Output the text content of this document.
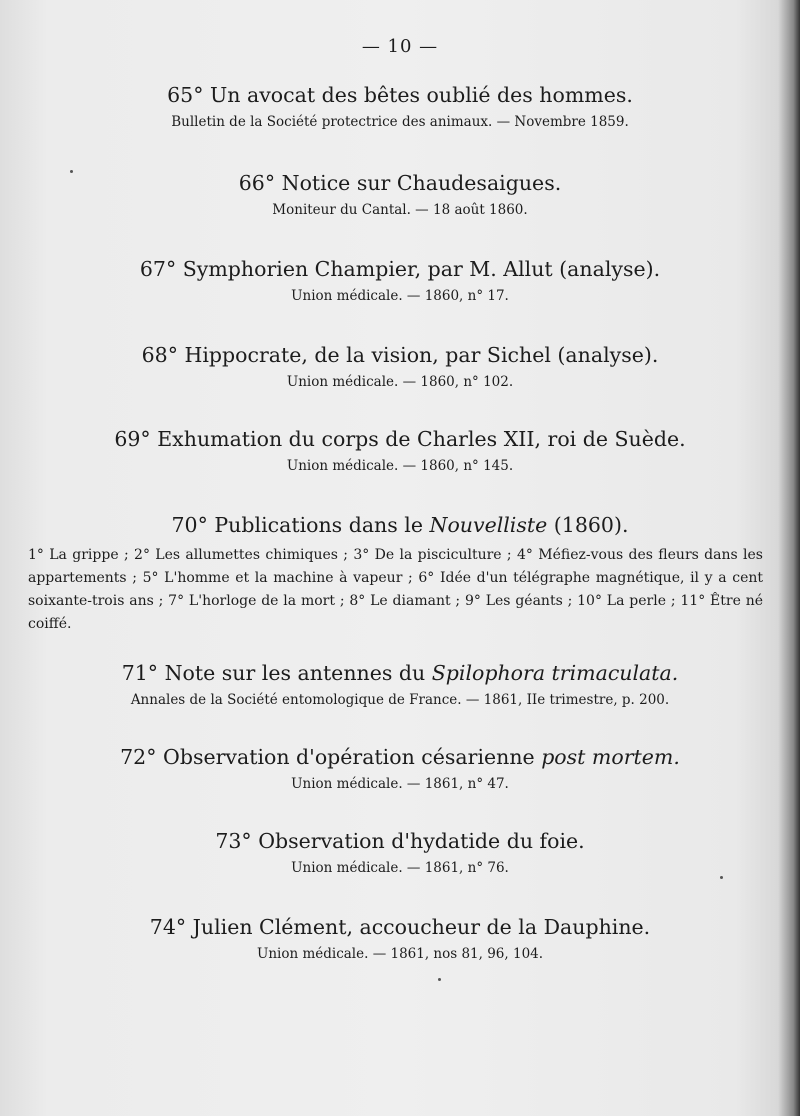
— 10 —
65° Un avocat des bêtes oublié des hommes.
Bulletin de la Société protectrice des animaux. — Novembre 1859.
66° Notice sur Chaudesaigues.
Moniteur du Cantal. — 18 août 1860.
67° Symphorien Champier, par M. Allut (analyse).
Union médicale. — 1860, n° 17.
68° Hippocrate, de la vision, par Sichel (analyse).
Union médicale. — 1860, n° 102.
69° Exhumation du corps de Charles XII, roi de Suède.
Union médicale. — 1860, n° 145.
70° Publications dans le Nouvelliste (1860).
1° La grippe ; 2° Les allumettes chimiques ; 3° De la pisciculture ; 4° Méfiez-vous des fleurs dans les appartements ; 5° L'homme et la machine à vapeur ; 6° Idée d'un télégraphe magnétique, il y a cent soixante-trois ans ; 7° L'horloge de la mort ; 8° Le diamant ; 9° Les géants ; 10° La perle ; 11° Être né coiffé.
71° Note sur les antennes du Spilophora trimaculata.
Annales de la Société entomologique de France. — 1861, IIe trimestre, p. 200.
72° Observation d'opération césarienne post mortem.
Union médicale. — 1861, n° 47.
73° Observation d'hydatide du foie.
Union médicale. — 1861, n° 76.
74° Julien Clément, accoucheur de la Dauphine.
Union médicale. — 1861, nos 81, 96, 104.
